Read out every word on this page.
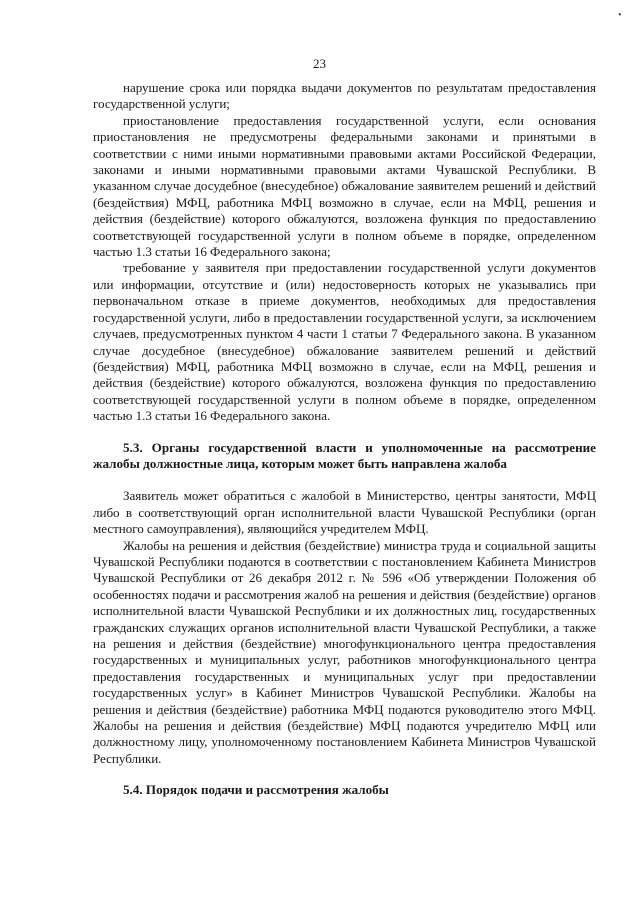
•
23

нарушение срока или порядка выдачи документов по результатам предоставления государственной услуги;

приостановление предоставления государственной услуги, если основания приостановления не предусмотрены федеральными законами и принятыми в соответствии с ними иными нормативными правовыми актами Российской Федерации, законами и иными нормативными правовыми актами Чувашской Республики. В указанном случае досудебное (внесудебное) обжалование заявителем решений и действий (бездействия) МФЦ, работника МФЦ возможно в случае, если на МФЦ, решения и действия (бездействие) которого обжалуются, возложена функция по предоставлению соответствующей государственной услуги в полном объеме в порядке, определенном частью 1.3 статьи 16 Федерального закона;

требование у заявителя при предоставлении государственной услуги документов или информации, отсутствие и (или) недостоверность которых не указывались при первоначальном отказе в приеме документов, необходимых для предоставления государственной услуги, либо в предоставлении государственной услуги, за исключением случаев, предусмотренных пунктом 4 части 1 статьи 7 Федерального закона. В указанном случае досудебное (внесудебное) обжалование заявителем решений и действий (бездействия) МФЦ, работника МФЦ возможно в случае, если на МФЦ, решения и действия (бездействие) которого обжалуются, возложена функция по предоставлению соответствующей государственной услуги в полном объеме в порядке, определенном частью 1.3 статьи 16 Федерального закона.

5.3. Органы государственной власти и уполномоченные на рассмотрение жалобы должностные лица, которым может быть направлена жалоба

Заявитель может обратиться с жалобой в Министерство, центры занятости, МФЦ либо в соответствующий орган исполнительной власти Чувашской Республики (орган местного самоуправления), являющийся учредителем МФЦ.

Жалобы на решения и действия (бездействие) министра труда и социальной защиты Чувашской Республики подаются в соответствии с постановлением Кабинета Министров Чувашской Республики от 26 декабря 2012 г. № 596 «Об утверждении Положения об особенностях подачи и рассмотрения жалоб на решения и действия (бездействие) органов исполнительной власти Чувашской Республики и их должностных лиц, государственных гражданских служащих органов исполнительной власти Чувашской Республики, а также на решения и действия (бездействие) многофункционального центра предоставления государственных и муниципальных услуг, работников многофункционального центра предоставления государственных и муниципальных услуг при предоставлении государственных услуг» в Кабинет Министров Чувашской Республики. Жалобы на решения и действия (бездействие) работника МФЦ подаются руководителю этого МФЦ. Жалобы на решения и действия (бездействие) МФЦ подаются учредителю МФЦ или должностному лицу, уполномоченному постановлением Кабинета Министров Чувашской Республики.

5.4. Порядок подачи и рассмотрения жалобы
